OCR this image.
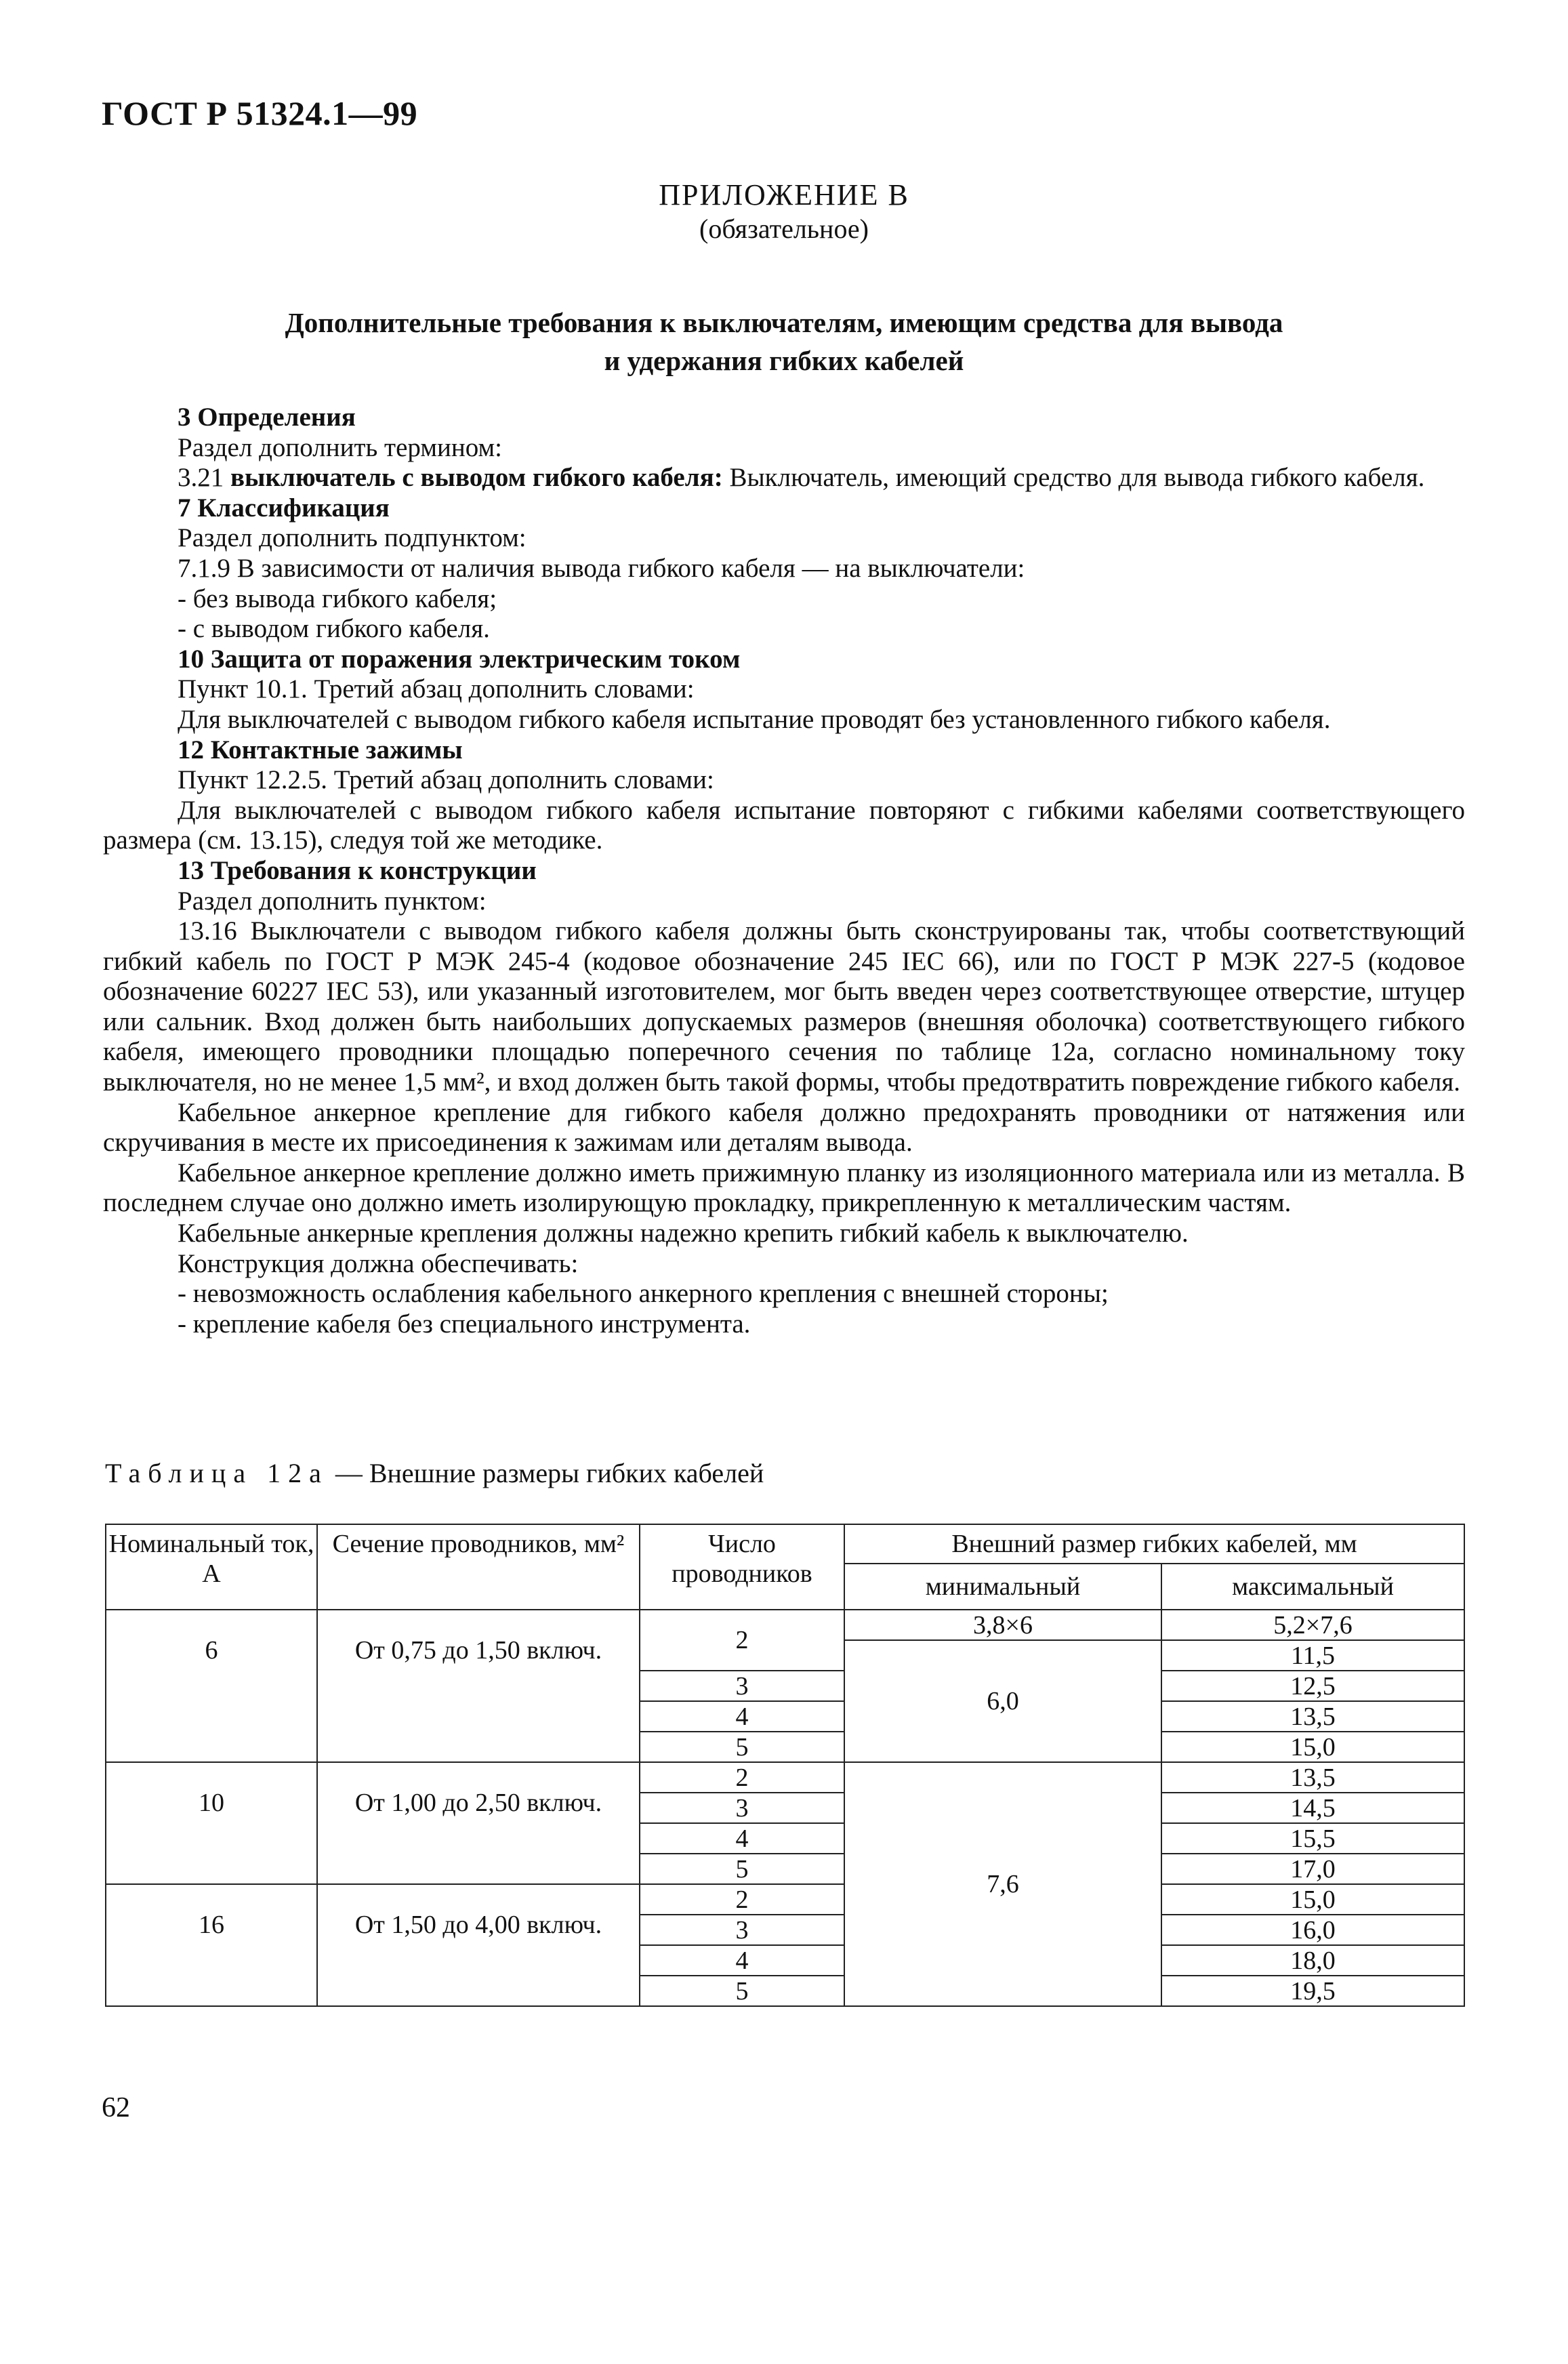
ГОСТ Р 51324.1—99
ПРИЛОЖЕНИЕ В
(обязательное)
Дополнительные требования к выключателям, имеющим средства для вывода
и удержания гибких кабелей

3 Определения

Раздел дополнить термином:

3.21 выключатель с выводом гибкого кабеля: Выключатель, имеющий средство для вывода гибкого кабеля.

7 Классификация

Раздел дополнить подпунктом:

7.1.9 В зависимости от наличия вывода гибкого кабеля — на выключатели:

- без вывода гибкого кабеля;

- с выводом гибкого кабеля.

10 Защита от поражения электрическим током

Пункт 10.1. Третий абзац дополнить словами:

Для выключателей с выводом гибкого кабеля испытание проводят без установленного гибкого кабеля.

12 Контактные зажимы

Пункт 12.2.5. Третий абзац дополнить словами:

Для выключателей с выводом гибкого кабеля испытание повторяют с гибкими кабелями соответствующего размера (см. 13.15), следуя той же методике.

13 Требования к конструкции

Раздел дополнить пунктом:

13.16 Выключатели с выводом гибкого кабеля должны быть сконструированы так, чтобы соответствующий гибкий кабель по ГОСТ Р МЭК 245-4 (кодовое обозначение 245 IEC 66), или по ГОСТ Р МЭК 227-5 (кодовое обозначение 60227 IEC 53), или указанный изготовителем, мог быть введен через соответствующее отверстие, штуцер или сальник. Вход должен быть наибольших допускаемых размеров (внешняя оболочка) соответствующего гибкого кабеля, имеющего проводники площадью поперечного сечения по таблице 12а, согласно номинальному току выключателя, но не менее 1,5 мм², и вход должен быть такой формы, чтобы предотвратить повреждение гибкого кабеля.

Кабельное анкерное крепление для гибкого кабеля должно предохранять проводники от натяжения или скручивания в месте их присоединения к зажимам или деталям вывода.

Кабельное анкерное крепление должно иметь прижимную планку из изоляционного материала или из металла. В последнем случае оно должно иметь изолирующую прокладку, прикрепленную к металлическим частям.

Кабельные анкерные крепления должны надежно крепить гибкий кабель к выключателю.

Конструкция должна обеспечивать:

- невозможность ослабления кабельного анкерного крепления с внешней стороны;

- крепление кабеля без специального инструмента.

Таблица 12а — Внешние размеры гибких кабелей
Номинальный ток, А	Сечение проводников, мм²	Число проводников	Внешний размер гибких кабелей, мм	
			минимальный	максимальный
6	От 0,75 до 1,50 включ.	2	3,8×6	5,2×7,6
			6,0	11,5
		3		12,5
		4		13,5
		5		15,0
10	От 1,00 до 2,50 включ.	2	7,6	13,5
		3		14,5
		4		15,5
		5		17,0
16	От 1,50 до 4,00 включ.	2		15,0
		3		16,0
		4		18,0
		5		19,5
62
